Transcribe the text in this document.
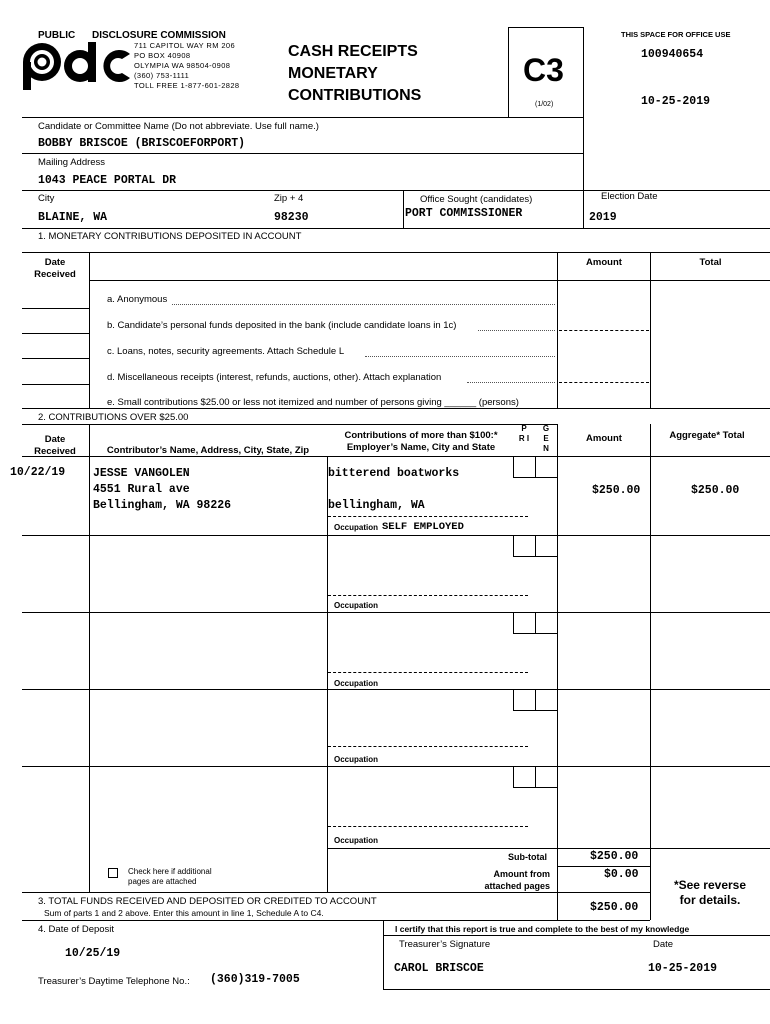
PUBLIC DISCLOSURE COMMISSION
711 CAPITOL WAY RM 206
PO BOX 40908
OLYMPIA WA 98504-0908
(360) 753-1111
TOLL FREE 1-877-601-2828
CASH RECEIPTS
MONETARY
CONTRIBUTIONS
C3
(1/02)
THIS SPACE FOR OFFICE USE
100940654
10-25-2019
Candidate or Committee Name (Do not abbreviate. Use full name.)
BOBBY BRISCOE (BRISCOEFORPORT)
Mailing Address
1043 PEACE PORTAL DR
City
BLAINE, WA
Zip + 4
98230
Office Sought (candidates)
PORT COMMISSIONER
Election Date
2019
1. MONETARY CONTRIBUTIONS DEPOSITED IN ACCOUNT
Date Received
Amount	Total
a. Anonymous
b. Candidate’s personal funds deposited in the bank (include candidate loans in 1c)
c. Loans, notes, security agreements. Attach Schedule L
d. Miscellaneous receipts (interest, refunds, auctions, other). Attach explanation
e. Small contributions $25.00 or less not itemized and number of persons giving ______ (persons)
2. CONTRIBUTIONS OVER $25.00
Date Received	Contributor’s Name, Address, City, State, Zip
Contributions of more than $100:*
Employer’s Name, City and State
P R I
G E N
Amount	Aggregate* Total
10/22/19 JESSE VANGOLEN
4551 Rural ave
Bellingham, WA 98226
bitterend boatworks
bellingham, WA
Occupation SELF EMPLOYED
$250.00	$250.00
Occupation
Occupation
Occupation
Occupation
Check here if additional
pages are attached
Sub-total	$250.00
Amount from
attached pages
$0.00
*See reverse
for details.
3. TOTAL FUNDS RECEIVED AND DEPOSITED OR CREDITED TO ACCOUNT
Sum of parts 1 and 2 above. Enter this amount in line 1, Schedule A to C4.	$250.00
4. Date of Deposit
10/25/19
Treasurer’s Daytime Telephone No.: (360)319-7005
I certify that this report is true and complete to the best of my knowledge
Treasurer’s Signature	Date
CAROL BRISCOE	10-25-2019
